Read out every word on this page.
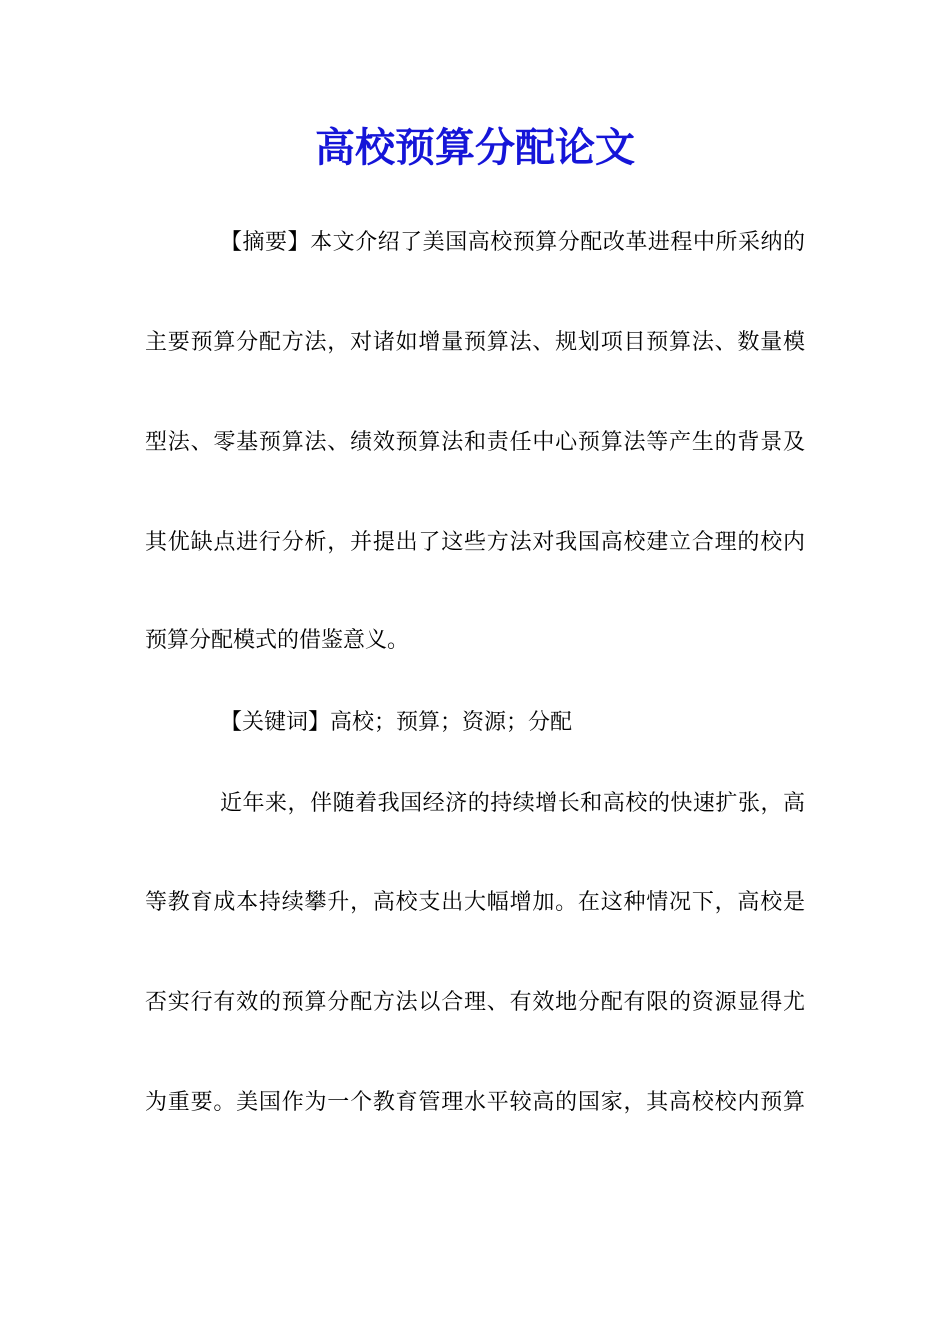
高校预算分配论文
【摘要】本文介绍了美国高校预算分配改革进程中所采纳的
主要预算分配方法，对诸如增量预算法、规划项目预算法、数量模
型法、零基预算法、绩效预算法和责任中心预算法等产生的背景及
其优缺点进行分析，并提出了这些方法对我国高校建立合理的校内
预算分配模式的借鉴意义。
【关键词】高校；预算；资源；分配
近年来，伴随着我国经济的持续增长和高校的快速扩张，高
等教育成本持续攀升，高校支出大幅增加。在这种情况下，高校是
否实行有效的预算分配方法以合理、有效地分配有限的资源显得尤
为重要。美国作为一个教育管理水平较高的国家，其高校校内预算
